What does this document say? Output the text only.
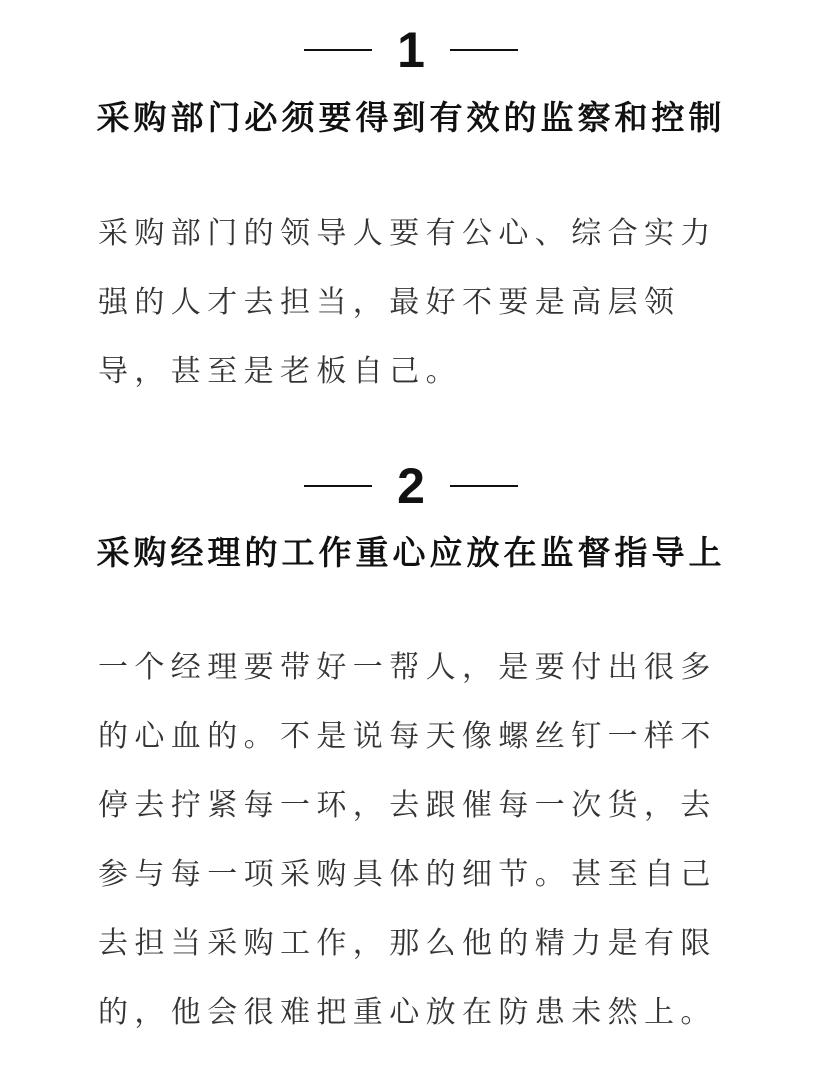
1
采购部门必须要得到有效的监察和控制

采购部门的领导人要有公心、综合实力强的人才去担当，最好不要是高层领导，甚至是老板自己。

2
采购经理的工作重心应放在监督指导上

一个经理要带好一帮人，是要付出很多的心血的。不是说每天像螺丝钉一样不停去拧紧每一环，去跟催每一次货，去参与每一项采购具体的细节。甚至自己去担当采购工作，那么他的精力是有限的，他会很难把重心放在防患未然上。
